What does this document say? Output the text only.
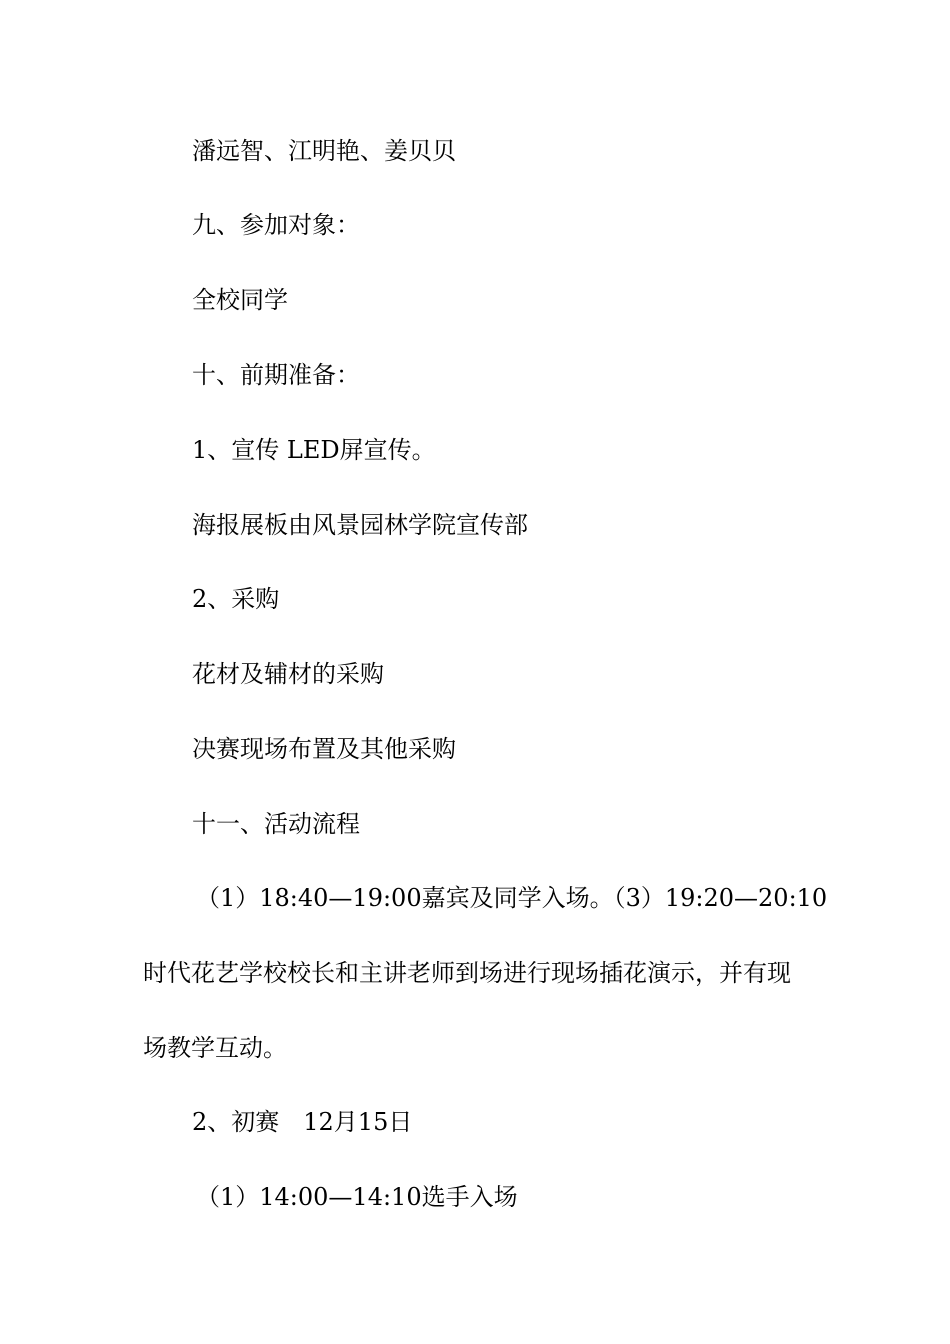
潘远智、江明艳、姜贝贝
九、参加对象：
全校同学
十、前期准备：
1、宣传 LED屏宣传。
海报展板由风景园林学院宣传部
2、采购
花材及辅材的采购
决赛现场布置及其他采购
十一、活动流程
（1）18:40—19:00嘉宾及同学入场。（3）19:20—20:10
时代花艺学校校长和主讲老师到场进行现场插花演示，并有现
场教学互动。
2、初赛　12月15日
（1）14:00—14:10选手入场
